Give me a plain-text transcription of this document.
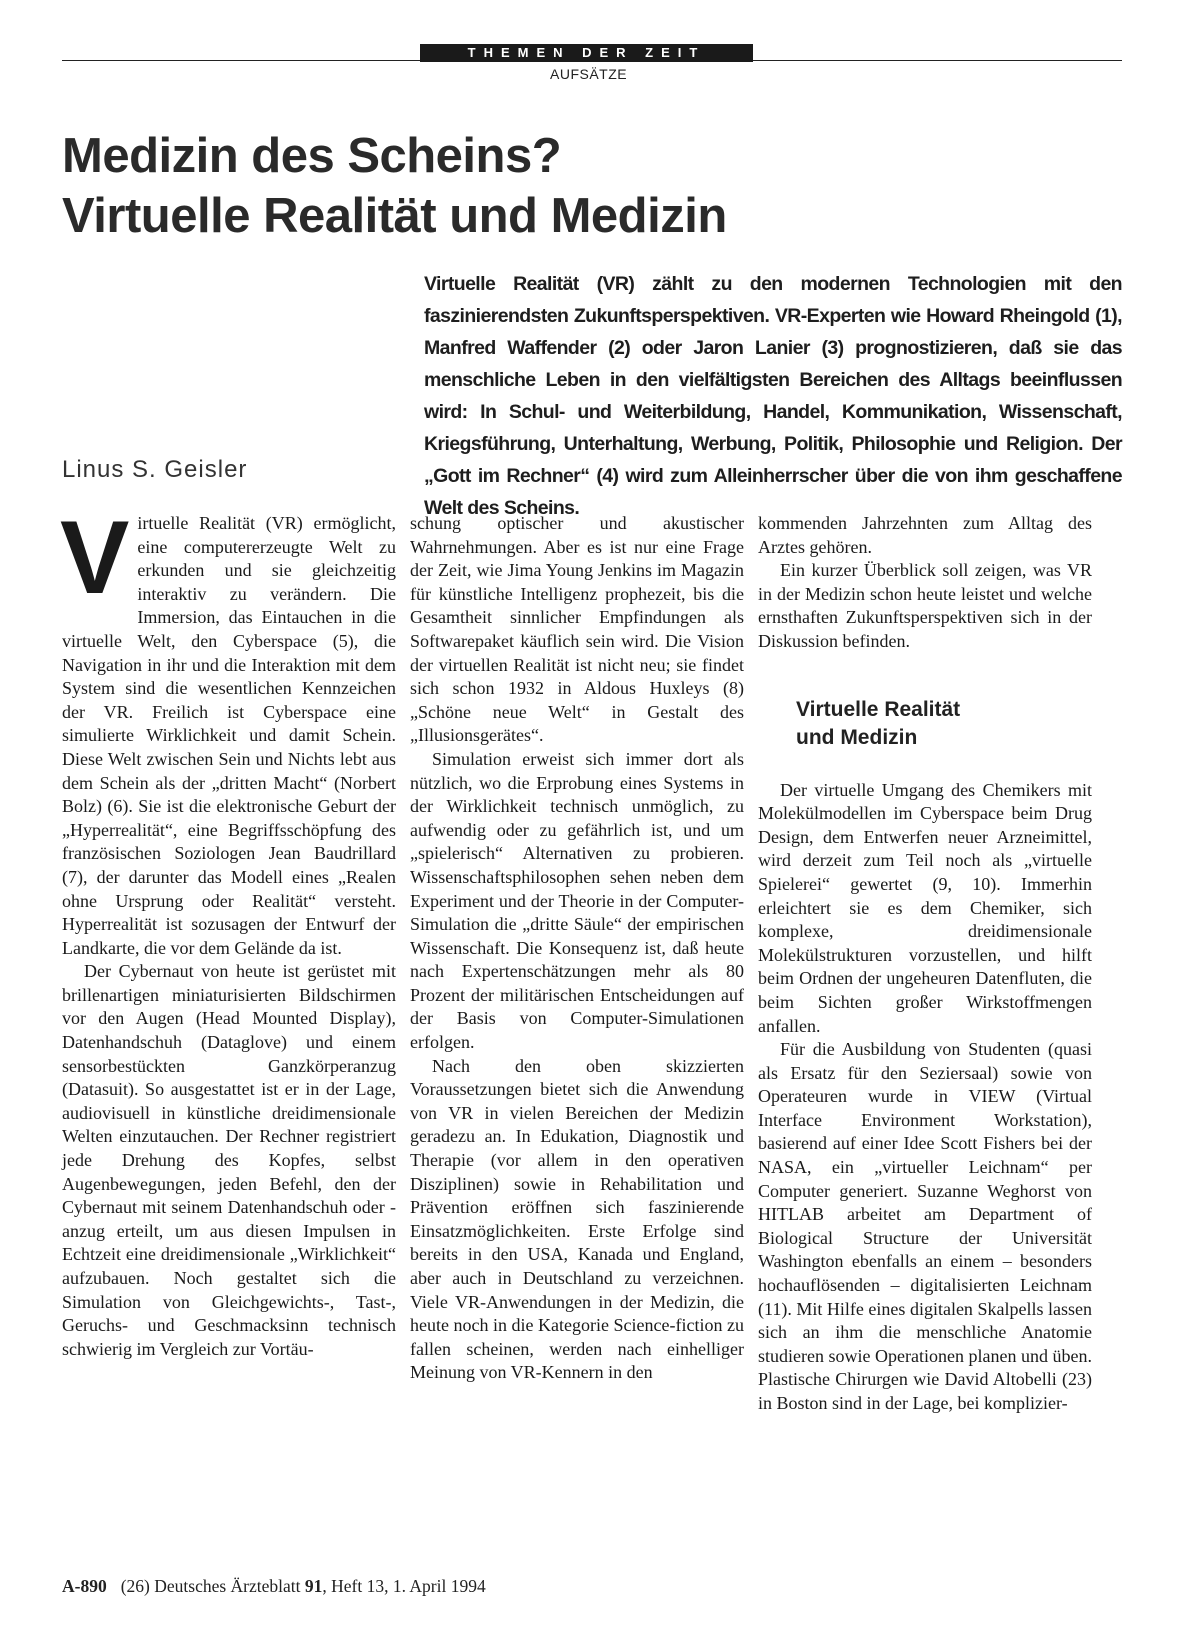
THEMEN DER ZEIT
AUFSÄTZE
Medizin des Scheins?
Virtuelle Realität und Medizin
Virtuelle Realität (VR) zählt zu den modernen Technologien mit den faszinierendsten Zukunftsperspektiven. VR-Experten wie Howard Rheingold (1), Manfred Waffender (2) oder Jaron Lanier (3) prognostizieren, daß sie das menschliche Leben in den vielfältigsten Bereichen des Alltags beeinflussen wird: In Schul- und Weiterbildung, Handel, Kommunikation, Wissenschaft, Kriegsführung, Unterhaltung, Werbung, Politik, Philosophie und Religion. Der „Gott im Rechner“ (4) wird zum Alleinherrscher über die von ihm geschaffene Welt des Scheins.
Linus S. Geisler

Virtuelle Realität (VR) ermöglicht, eine computererzeugte Welt zu erkunden und sie gleichzeitig interaktiv zu verändern. Die Immersion, das Eintauchen in die virtuelle Welt, den Cyberspace (5), die Navigation in ihr und die Interaktion mit dem System sind die wesentlichen Kennzeichen der VR. Freilich ist Cyberspace eine simulierte Wirklichkeit und damit Schein. Diese Welt zwischen Sein und Nichts lebt aus dem Schein als der „dritten Macht“ (Norbert Bolz) (6). Sie ist die elektronische Geburt der „Hyperrealität“, eine Begriffsschöpfung des französischen Soziologen Jean Baudrillard (7), der darunter das Modell eines „Realen ohne Ursprung oder Realität“ versteht. Hyperrealität ist sozusagen der Entwurf der Landkarte, die vor dem Gelände da ist.

Der Cybernaut von heute ist gerüstet mit brillenartigen miniaturisierten Bildschirmen vor den Augen (Head Mounted Display), Datenhandschuh (Dataglove) und einem sensorbestückten Ganzkörperanzug (Datasuit). So ausgestattet ist er in der Lage, audiovisuell in künstliche dreidimensionale Welten einzutauchen. Der Rechner registriert jede Drehung des Kopfes, selbst Augenbewegungen, jeden Befehl, den der Cybernaut mit seinem Datenhandschuh oder -anzug erteilt, um aus diesen Impulsen in Echtzeit eine dreidimensionale „Wirklichkeit“ aufzubauen. Noch gestaltet sich die Simulation von Gleichgewichts-, Tast-, Geruchs- und Geschmacksinn technisch schwierig im Vergleich zur Vortäu-

schung optischer und akustischer Wahrnehmungen. Aber es ist nur eine Frage der Zeit, wie Jima Young Jenkins im Magazin für künstliche Intelligenz prophezeit, bis die Gesamtheit sinnlicher Empfindungen als Softwarepaket käuflich sein wird. Die Vision der virtuellen Realität ist nicht neu; sie findet sich schon 1932 in Aldous Huxleys (8) „Schöne neue Welt“ in Gestalt des „Illusionsgerätes“.

Simulation erweist sich immer dort als nützlich, wo die Erprobung eines Systems in der Wirklichkeit technisch unmöglich, zu aufwendig oder zu gefährlich ist, und um „spielerisch“ Alternativen zu probieren. Wissenschaftsphilosophen sehen neben dem Experiment und der Theorie in der Computer-Simulation die „dritte Säule“ der empirischen Wissenschaft. Die Konsequenz ist, daß heute nach Expertenschätzungen mehr als 80 Prozent der militärischen Entscheidungen auf der Basis von Computer-Simulationen erfolgen.

Nach den oben skizzierten Voraussetzungen bietet sich die Anwendung von VR in vielen Bereichen der Medizin geradezu an. In Edukation, Diagnostik und Therapie (vor allem in den operativen Disziplinen) sowie in Rehabilitation und Prävention eröffnen sich faszinierende Einsatzmöglichkeiten. Erste Erfolge sind bereits in den USA, Kanada und England, aber auch in Deutschland zu verzeichnen. Viele VR-Anwendungen in der Medizin, die heute noch in die Kategorie Science-fiction zu fallen scheinen, werden nach einhelliger Meinung von VR-Kennern in den

kommenden Jahrzehnten zum Alltag des Arztes gehören.

Ein kurzer Überblick soll zeigen, was VR in der Medizin schon heute leistet und welche ernsthaften Zukunftsperspektiven sich in der Diskussion befinden.

Virtuelle Realität
und Medizin

Der virtuelle Umgang des Chemikers mit Molekülmodellen im Cyberspace beim Drug Design, dem Entwerfen neuer Arzneimittel, wird derzeit zum Teil noch als „virtuelle Spielerei“ gewertet (9, 10). Immerhin erleichtert sie es dem Chemiker, sich komplexe, dreidimensionale Molekülstrukturen vorzustellen, und hilft beim Ordnen der ungeheuren Datenfluten, die beim Sichten großer Wirkstoffmengen anfallen.

Für die Ausbildung von Studenten (quasi als Ersatz für den Seziersaal) sowie von Operateuren wurde in VIEW (Virtual Interface Environment Workstation), basierend auf einer Idee Scott Fishers bei der NASA, ein „virtueller Leichnam“ per Computer generiert. Suzanne Weghorst von HITLAB arbeitet am Department of Biological Structure der Universität Washington ebenfalls an einem – besonders hochauflösenden – digitalisierten Leichnam (11). Mit Hilfe eines digitalen Skalpells lassen sich an ihm die menschliche Anatomie studieren sowie Operationen planen und üben. Plastische Chirurgen wie David Altobelli (23) in Boston sind in der Lage, bei komplizier-

A-890 (26) Deutsches Ärzteblatt 91, Heft 13, 1. April 1994
